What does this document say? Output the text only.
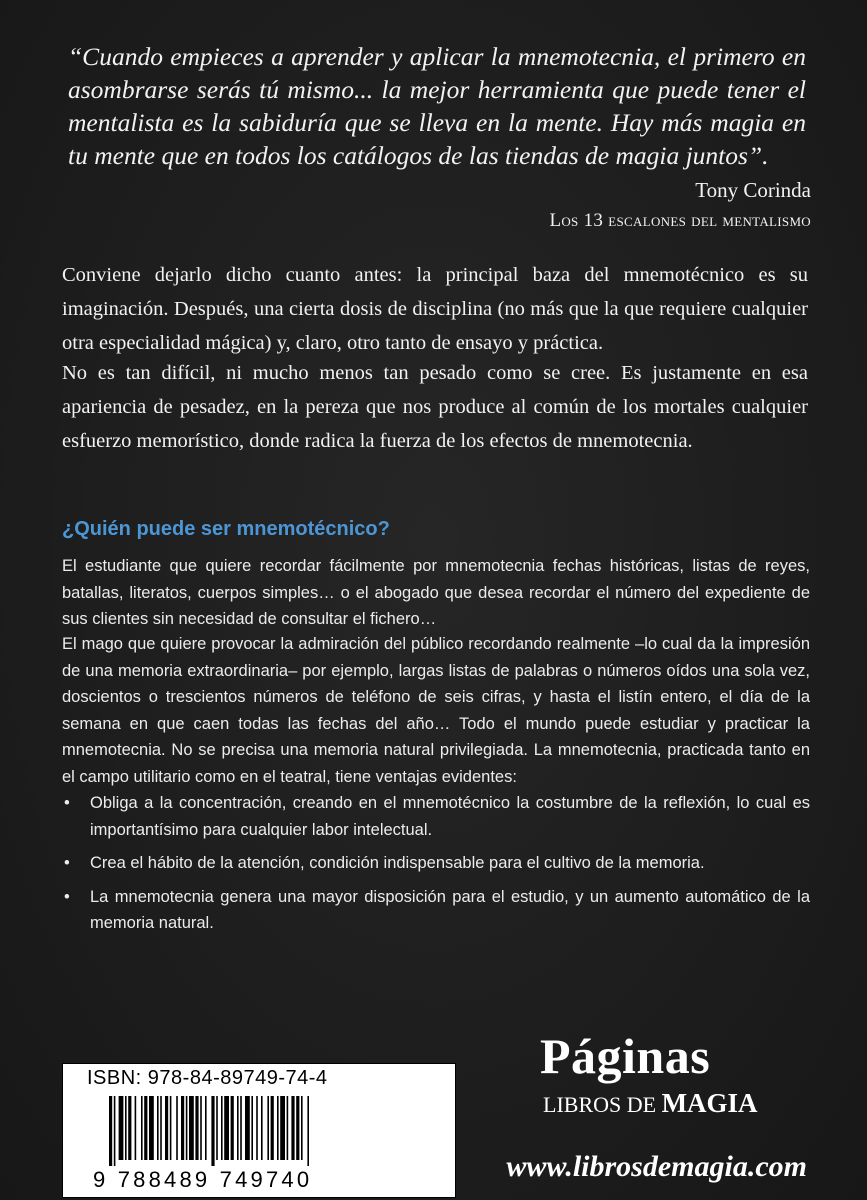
“Cuando empieces a aprender y aplicar la mnemotecnia, el primero en asombrarse serás tú mismo... la mejor herramienta que puede tener el mentalista es la sabiduría que se lleva en la mente. Hay más magia en tu mente que en todos los catálogos de las tiendas de magia juntos”.

Tony Corinda

Los 13 escalones del mentalismo

Conviene dejarlo dicho cuanto antes: la principal baza del mnemotécnico es su imaginación. Después, una cierta dosis de disciplina (no más que la que requiere cualquier otra especialidad mágica) y, claro, otro tanto de ensayo y práctica.

No es tan difícil, ni mucho menos tan pesado como se cree. Es justamente en esa apariencia de pesadez, en la pereza que nos produce al común de los mortales cualquier esfuerzo memorístico, donde radica la fuerza de los efectos de mnemotecnia.

¿Quién puede ser mnemotécnico?

El estudiante que quiere recordar fácilmente por mnemotecnia fechas históricas, listas de reyes, batallas, literatos, cuerpos simples… o el abogado que desea recordar el número del expediente de sus clientes sin necesidad de consultar el fichero…

El mago que quiere provocar la admiración del público recordando realmente –lo cual da la impresión de una memoria extraordinaria– por ejemplo, largas listas de palabras o números oídos una sola vez, doscientos o trescientos números de teléfono de seis cifras, y hasta el listín entero, el día de la semana en que caen todas las fechas del año… Todo el mundo puede estudiar y practicar la mnemotecnia. No se precisa una memoria natural privilegiada. La mnemotecnia, practicada tanto en el campo utilitario como en el teatral, tiene ventajas evidentes:

• Obliga a la concentración, creando en el mnemotécnico la costumbre de la reflexión, lo cual es importantísimo para cualquier labor intelectual.
• Crea el hábito de la atención, condición indispensable para el cultivo de la memoria.
• La mnemotecnia genera una mayor disposición para el estudio, y un aumento automático de la memoria natural.
ISBN: 978-84-89749-74-4
9 788489 749740
Páginas
LIBROS DE MAGIA
www.librosdemagia.com
